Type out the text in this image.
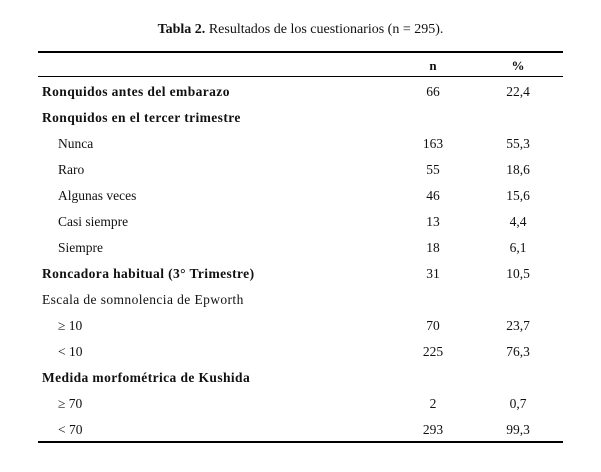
Tabla 2. Resultados de los cuestionarios (n = 295).
n	%
Ronquidos antes del embarazo	66	22,4
Ronquidos en el tercer trimestre
Nunca	163	55,3
Raro	55	18,6
Algunas veces	46	15,6
Casi siempre	13	4,4
Siempre	18	6,1
Roncadora habitual (3° Trimestre)	31	10,5
Escala de somnolencia de Epworth
≥ 10	70	23,7
< 10	225	76,3
Medida morfométrica de Kushida
≥ 70	2	0,7
< 70	293	99,3
